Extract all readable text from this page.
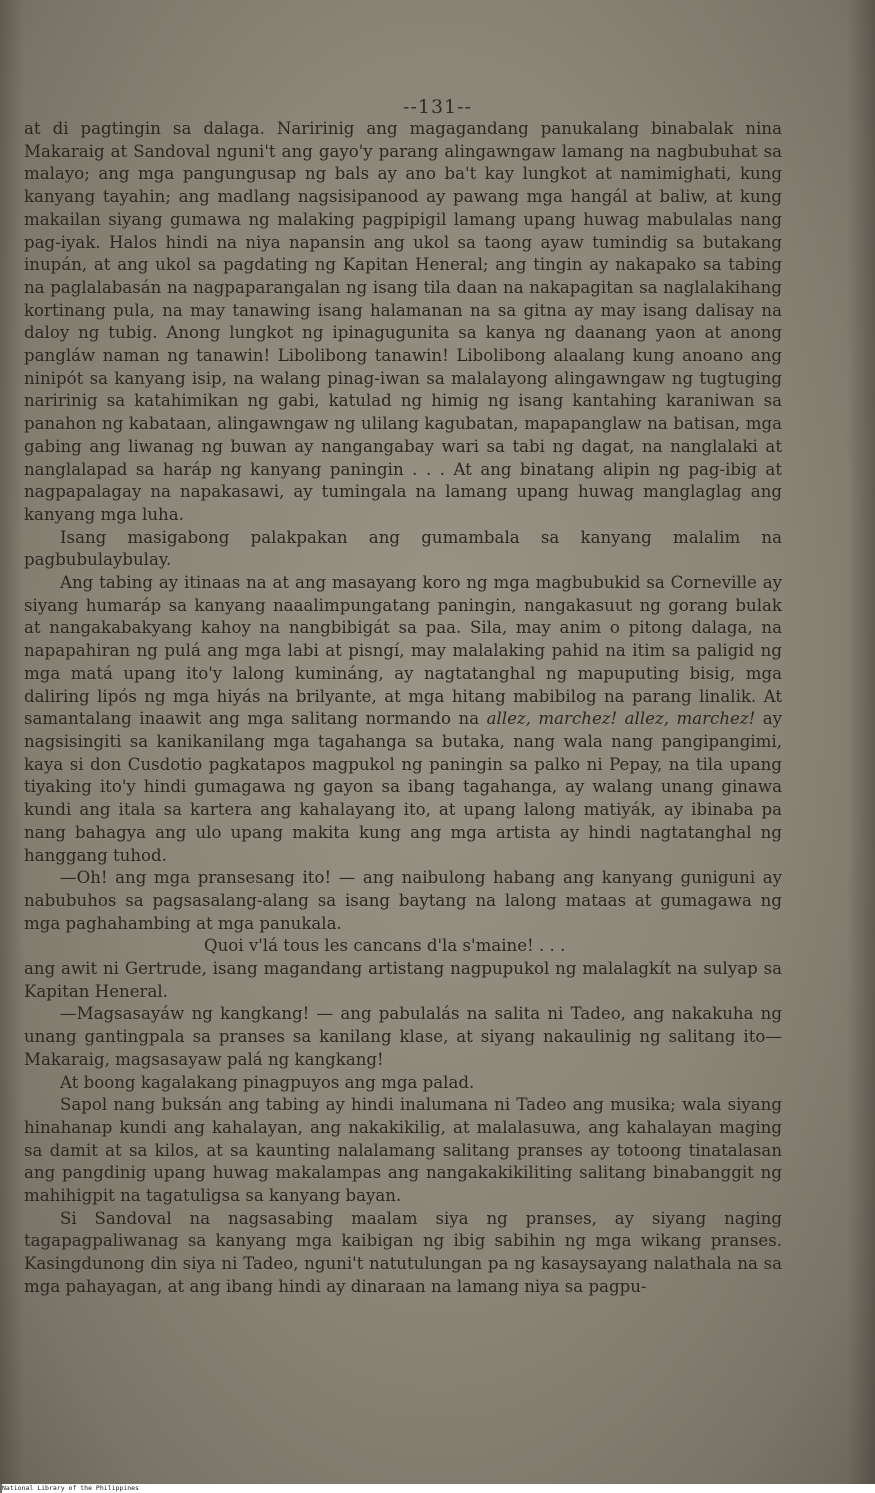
--131--

at di pagtingin sa dalaga. Naririnig ang magagandang panukalang binabalak nina Makaraig at Sandoval nguni't ang gayo'y parang alingawngaw lamang na nagbubuhat sa malayo; ang mga pangungusap ng bals ay ano ba't kay lungkot at namimighati, kung kanyang tayahin; ang madlang nagsisipanood ay pawang mga hangál at baliw, at kung makailan siyang gumawa ng malaking pagpipigil lamang upang huwag mabulalas nang pag-iyak. Halos hindi na niya napansin ang ukol sa taong ayaw tumindig sa butakang inupán, at ang ukol sa pagdating ng Kapitan Heneral; ang tingin ay nakapako sa tabing na paglalabasán na nagpaparangalan ng isang tila daan na nakapagitan sa naglalakihang kortinang pula, na may tanawing isang halamanan na sa gitna ay may isang dalisay na daloy ng tubig. Anong lungkot ng ipinagugunita sa kanya ng daanang yaon at anong pangláw naman ng tanawin! Libolibong tanawin! Libolibong alaalang kung anoano ang ninipót sa kanyang isip, na walang pinag-iwan sa malalayong alingawngaw ng tugtuging naririnig sa katahimikan ng gabi, katulad ng himig ng isang kantahing karaniwan sa panahon ng kabataan, alingawngaw ng ulilang kagubatan, mapapanglaw na batisan, mga gabing ang liwanag ng buwan ay nangangabay wari sa tabi ng dagat, na nanglalaki at nanglalapad sa haráp ng kanyang paningin . . . At ang binatang alipin ng pag-ibig at nagpapalagay na napakasawi, ay tumingala na lamang upang huwag manglaglag ang kanyang mga luha.

Isang masigabong palakpakan ang gumambala sa kanyang malalim na pagbubulaybulay.

Ang tabing ay itinaas na at ang masayang koro ng mga magbubukid sa Corneville ay siyang humaráp sa kanyang naaalimpungatang paningin, nangakasuut ng gorang bulak at nangakabakyang kahoy na nangbibigát sa paa. Sila, may anim o pitong dalaga, na napapahiran ng pulá ang mga labi at pisngí, may malalaking pahid na itim sa paligid ng mga matá upang ito'y lalong kumináng, ay nagtatanghal ng mapuputing bisig, mga daliring lipós ng mga hiyás na brilyante, at mga hitang mabibilog na parang linalik. At samantalang inaawit ang mga salitang normando na allez, marchez! allez, marchez! ay nagsisingiti sa kanikanilang mga tagahanga sa butaka, nang wala nang pangipangimi, kaya si don Cusdotio pagkatapos magpukol ng paningin sa palko ni Pepay, na tila upang tiyaking ito'y hindi gumagawa ng gayon sa ibang tagahanga, ay walang unang ginawa kundi ang itala sa kartera ang kahalayang ito, at upang lalong matiyák, ay ibinaba pa nang bahagya ang ulo upang makita kung ang mga artista ay hindi nagtatanghal ng hanggang tuhod.

—Oh! ang mga pransesang ito! — ang naibulong habang ang kanyang guniguni ay nabubuhos sa pagsasalang-alang sa isang baytang na lalong mataas at gumagawa ng mga paghahambing at mga panukala.

Quoi v'lá tous les cancans d'la s'maine! . . .

ang awit ni Gertrude, isang magandang artistang nagpupukol ng malalagkít na sulyap sa Kapitan Heneral.

—Magsasayáw ng kangkang! — ang pabulalás na salita ni Tadeo, ang nakakuha ng unang gantingpala sa pranses sa kanilang klase, at siyang nakaulinig ng salitang ito— Makaraig, magsasayaw palá ng kangkang!

At boong kagalakang pinagpuyos ang mga palad.

Sapol nang buksán ang tabing ay hindi inalumana ni Tadeo ang musika; wala siyang hinahanap kundi ang kahalayan, ang nakakikilig, at malalasuwa, ang kahalayan maging sa damit at sa kilos, at sa kaunting nalalamang salitang pranses ay totoong tinatalasan ang pangdinig upang huwag makalampas ang nangakakikiliting salitang binabanggit ng mahihigpit na tagatuligsa sa kanyang bayan.

Si Sandoval na nagsasabing maalam siya ng pranses, ay siyang naging tagapagpaliwanag sa kanyang mga kaibigan ng ibig sabihin ng mga wikang pranses. Kasingdunong din siya ni Tadeo, nguni't natutulungan pa ng kasaysayang nalathala na sa mga pahayagan, at ang ibang hindi ay dinaraan na lamang niya sa pagpu-

National Library of the Philippines
